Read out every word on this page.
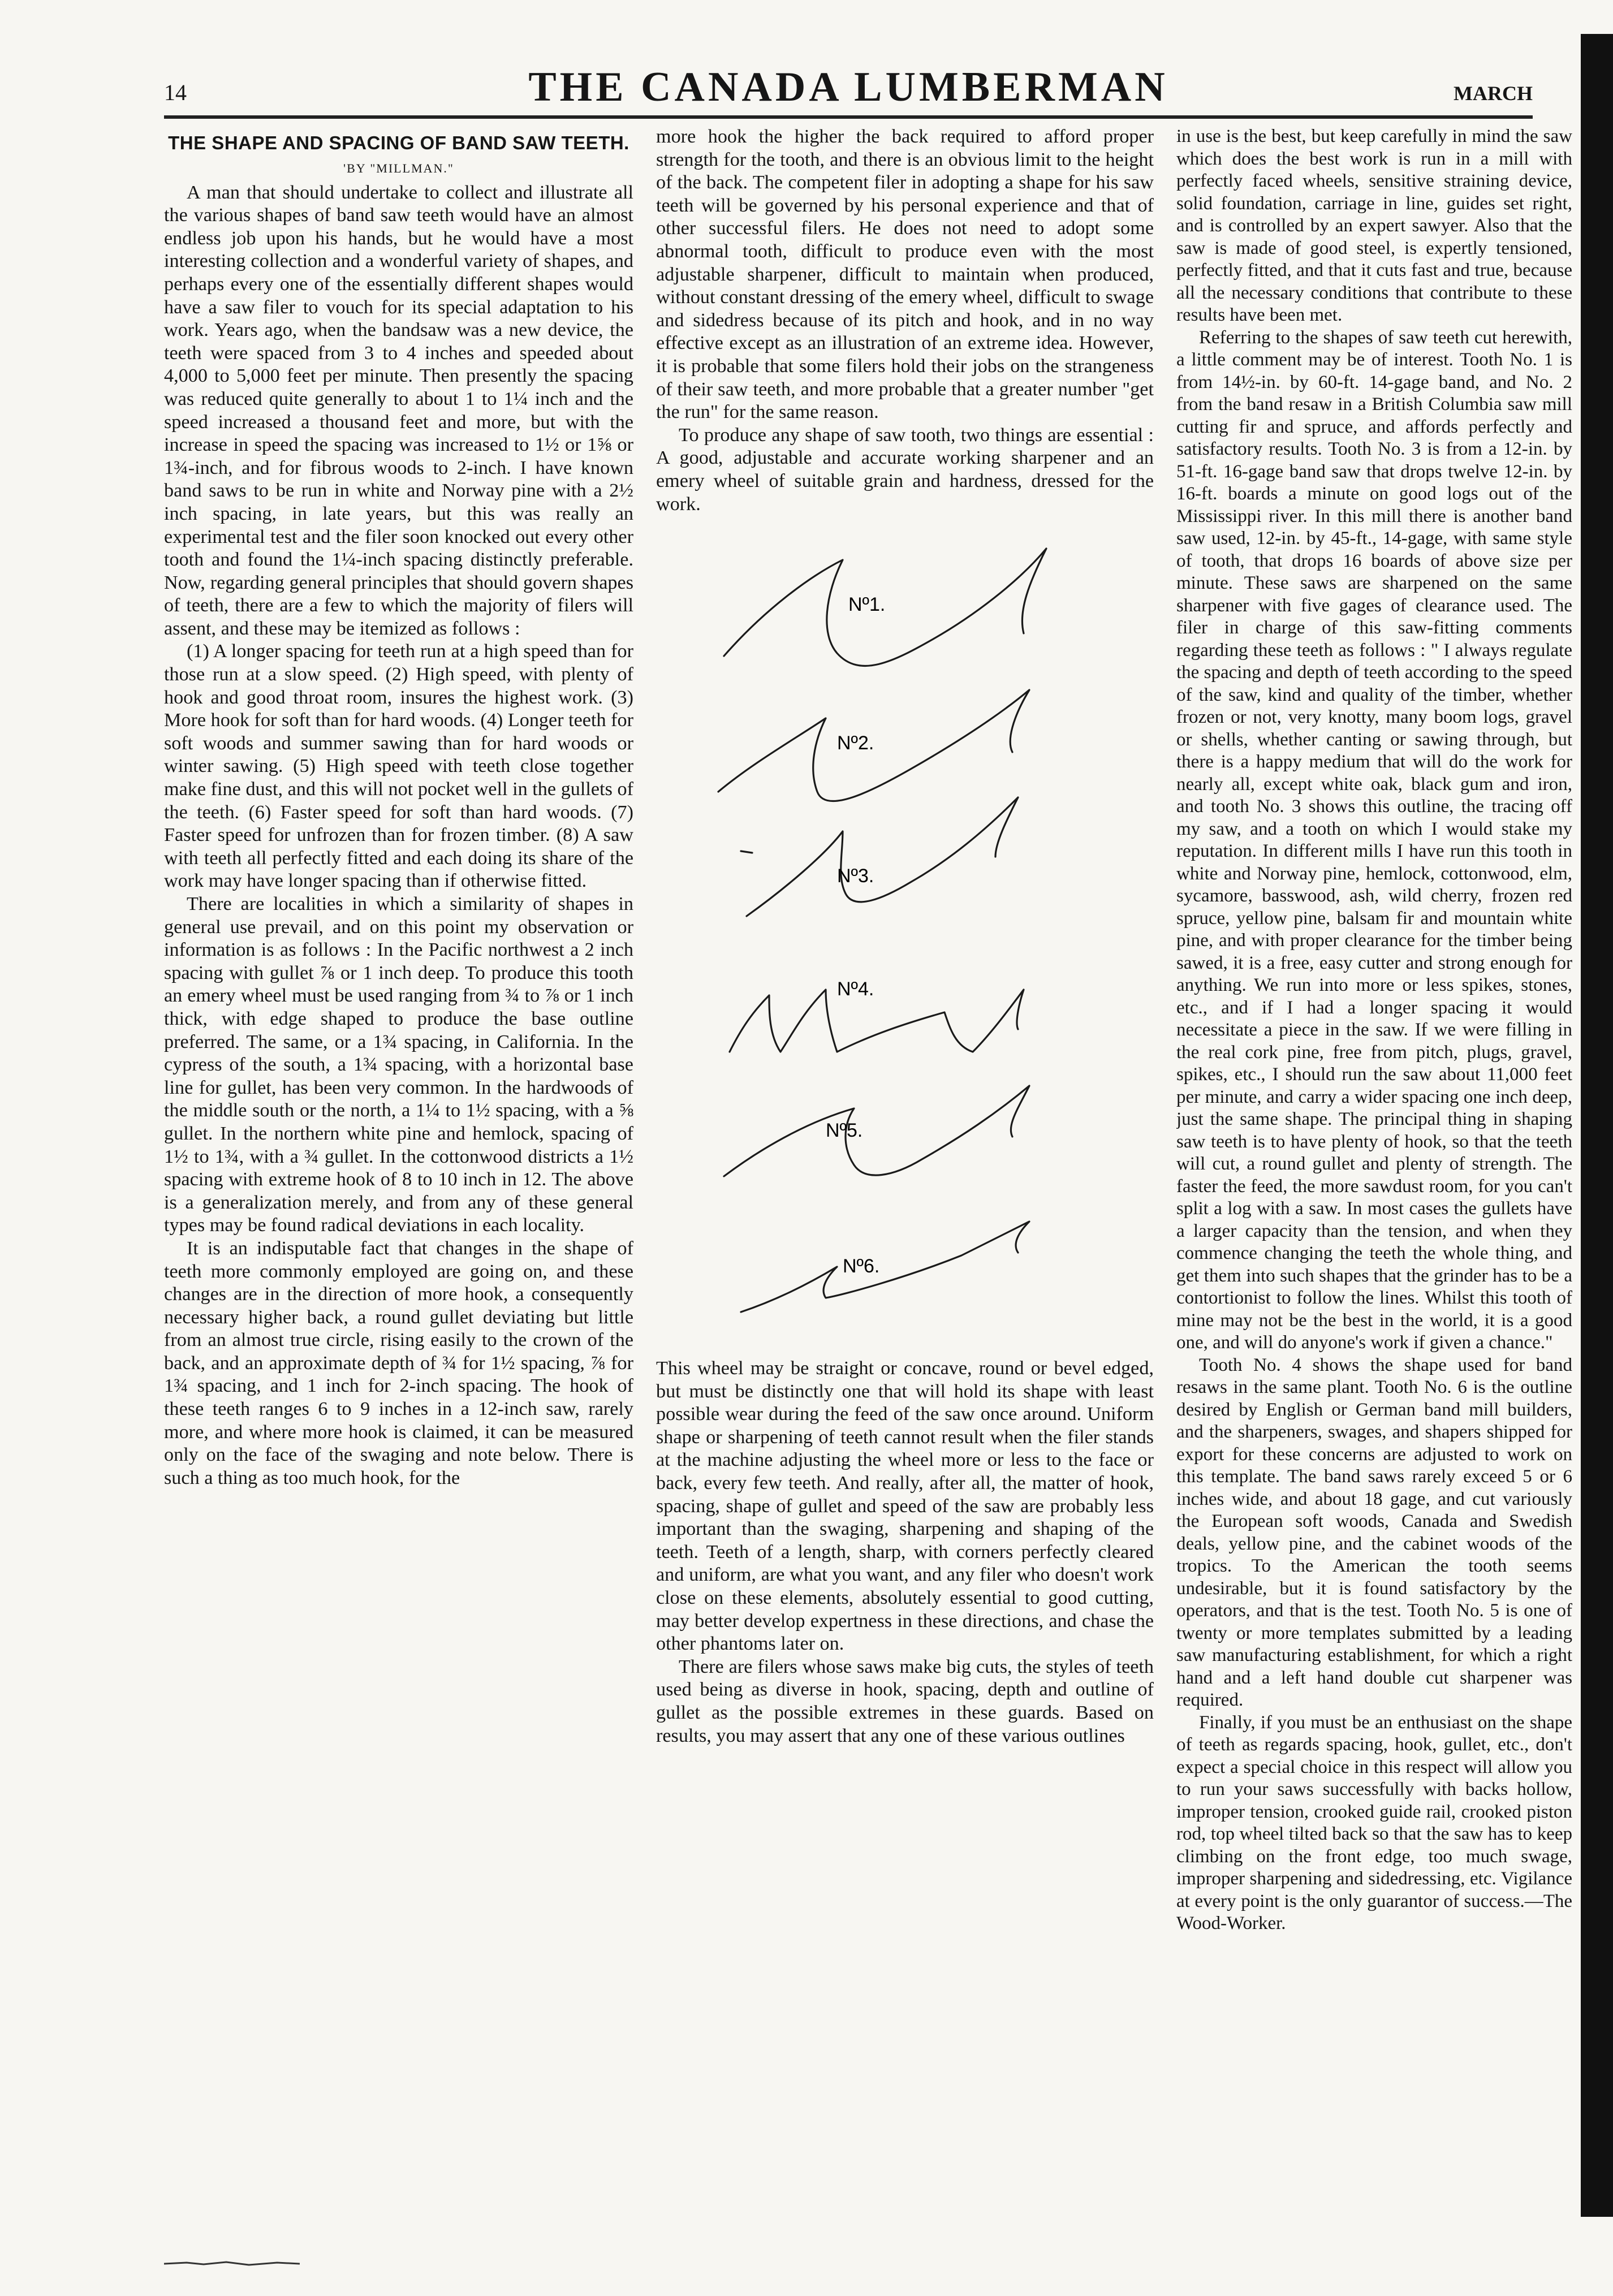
14	THE CANADA LUMBERMAN	MARCH
THE SHAPE AND SPACING OF BAND SAW TEETH.
'BY "MILLMAN."

A man that should undertake to collect and illustrate all the various shapes of band saw teeth would have an almost endless job upon his hands, but he would have a most interesting collection and a wonderful variety of shapes, and perhaps every one of the essentially different shapes would have a saw filer to vouch for its special adaptation to his work. Years ago, when the bandsaw was a new device, the teeth were spaced from 3 to 4 inches and speeded about 4,000 to 5,000 feet per minute. Then presently the spacing was reduced quite generally to about 1 to 1¼ inch and the speed increased a thousand feet and more, but with the increase in speed the spacing was increased to 1½ or 1⅝ or 1¾-inch, and for fibrous woods to 2-inch. I have known band saws to be run in white and Norway pine with a 2½ inch spacing, in late years, but this was really an experimental test and the filer soon knocked out every other tooth and found the 1¼-inch spacing distinctly preferable. Now, regarding general principles that should govern shapes of teeth, there are a few to which the majority of filers will assent, and these may be itemized as follows :

(1) A longer spacing for teeth run at a high speed than for those run at a slow speed. (2) High speed, with plenty of hook and good throat room, insures the highest work. (3) More hook for soft than for hard woods. (4) Longer teeth for soft woods and summer sawing than for hard woods or winter sawing. (5) High speed with teeth close together make fine dust, and this will not pocket well in the gullets of the teeth. (6) Faster speed for soft than hard woods. (7) Faster speed for unfrozen than for frozen timber. (8) A saw with teeth all perfectly fitted and each doing its share of the work may have longer spacing than if otherwise fitted.

There are localities in which a similarity of shapes in general use prevail, and on this point my observation or information is as follows : In the Pacific northwest a 2 inch spacing with gullet ⅞ or 1 inch deep. To produce this tooth an emery wheel must be used ranging from ¾ to ⅞ or 1 inch thick, with edge shaped to produce the base outline preferred. The same, or a 1¾ spacing, in California. In the cypress of the south, a 1¾ spacing, with a horizontal base line for gullet, has been very common. In the hardwoods of the middle south or the north, a 1¼ to 1½ spacing, with a ⅝ gullet. In the northern white pine and hemlock, spacing of 1½ to 1¾, with a ¾ gullet. In the cottonwood districts a 1½ spacing with extreme hook of 8 to 10 inch in 12. The above is a generalization merely, and from any of these general types may be found radical deviations in each locality.

It is an indisputable fact that changes in the shape of teeth more commonly employed are going on, and these changes are in the direction of more hook, a consequently necessary higher back, a round gullet deviating but little from an almost true circle, rising easily to the crown of the back, and an approximate depth of ¾ for 1½ spacing, ⅞ for 1¾ spacing, and 1 inch for 2-inch spacing. The hook of these teeth ranges 6 to 9 inches in a 12-inch saw, rarely more, and where more hook is claimed, it can be measured only on the face of the swaging and note below. There is such a thing as too much hook, for the

more hook the higher the back required to afford proper strength for the tooth, and there is an obvious limit to the height of the back. The competent filer in adopting a shape for his saw teeth will be governed by his personal experience and that of other successful filers. He does not need to adopt some abnormal tooth, difficult to produce even with the most adjustable sharpener, difficult to maintain when produced, without constant dressing of the emery wheel, difficult to swage and sidedress because of its pitch and hook, and in no way effective except as an illustration of an extreme idea. However, it is probable that some filers hold their jobs on the strangeness of their saw teeth, and more probable that a greater number "get the run" for the same reason.

To produce any shape of saw tooth, two things are essential : A good, adjustable and accurate working sharpener and an emery wheel of suitable grain and hardness, dressed for the work.

Nº1.
Nº2.
Nº3.
Nº4.
Nº5.
Nº6.

This wheel may be straight or concave, round or bevel edged, but must be distinctly one that will hold its shape with least possible wear during the feed of the saw once around. Uniform shape or sharpening of teeth cannot result when the filer stands at the machine adjusting the wheel more or less to the face or back, every few teeth. And really, after all, the matter of hook, spacing, shape of gullet and speed of the saw are probably less important than the swaging, sharpening and shaping of the teeth. Teeth of a length, sharp, with corners perfectly cleared and uniform, are what you want, and any filer who doesn't work close on these elements, absolutely essential to good cutting, may better develop expertness in these directions, and chase the other phantoms later on.

There are filers whose saws make big cuts, the styles of teeth used being as diverse in hook, spacing, depth and outline of gullet as the possible extremes in these guards. Based on results, you may assert that any one of these various outlines

in use is the best, but keep carefully in mind the saw which does the best work is run in a mill with perfectly faced wheels, sensitive straining device, solid foundation, carriage in line, guides set right, and is controlled by an expert sawyer. Also that the saw is made of good steel, is expertly tensioned, perfectly fitted, and that it cuts fast and true, because all the necessary conditions that contribute to these results have been met.

Referring to the shapes of saw teeth cut herewith, a little comment may be of interest. Tooth No. 1 is from 14½-in. by 60-ft. 14-gage band, and No. 2 from the band resaw in a British Columbia saw mill cutting fir and spruce, and affords perfectly and satisfactory results. Tooth No. 3 is from a 12-in. by 51-ft. 16-gage band saw that drops twelve 12-in. by 16-ft. boards a minute on good logs out of the Mississippi river. In this mill there is another band saw used, 12-in. by 45-ft., 14-gage, with same style of tooth, that drops 16 boards of above size per minute. These saws are sharpened on the same sharpener with five gages of clearance used. The filer in charge of this saw-fitting comments regarding these teeth as follows : " I always regulate the spacing and depth of teeth according to the speed of the saw, kind and quality of the timber, whether frozen or not, very knotty, many boom logs, gravel or shells, whether canting or sawing through, but there is a happy medium that will do the work for nearly all, except white oak, black gum and iron, and tooth No. 3 shows this outline, the tracing off my saw, and a tooth on which I would stake my reputation. In different mills I have run this tooth in white and Norway pine, hemlock, cottonwood, elm, sycamore, basswood, ash, wild cherry, frozen red spruce, yellow pine, balsam fir and mountain white pine, and with proper clearance for the timber being sawed, it is a free, easy cutter and strong enough for anything. We run into more or less spikes, stones, etc., and if I had a longer spacing it would necessitate a piece in the saw. If we were filling in the real cork pine, free from pitch, plugs, gravel, spikes, etc., I should run the saw about 11,000 feet per minute, and carry a wider spacing one inch deep, just the same shape. The principal thing in shaping saw teeth is to have plenty of hook, so that the teeth will cut, a round gullet and plenty of strength. The faster the feed, the more sawdust room, for you can't split a log with a saw. In most cases the gullets have a larger capacity than the tension, and when they commence changing the teeth the whole thing, and get them into such shapes that the grinder has to be a contortionist to follow the lines. Whilst this tooth of mine may not be the best in the world, it is a good one, and will do anyone's work if given a chance."

Tooth No. 4 shows the shape used for band resaws in the same plant. Tooth No. 6 is the outline desired by English or German band mill builders, and the sharpeners, swages, and shapers shipped for export for these concerns are adjusted to work on this template. The band saws rarely exceed 5 or 6 inches wide, and about 18 gage, and cut variously the European soft woods, Canada and Swedish deals, yellow pine, and the cabinet woods of the tropics. To the American the tooth seems undesirable, but it is found satisfactory by the operators, and that is the test. Tooth No. 5 is one of twenty or more templates submitted by a leading saw manufacturing establishment, for which a right hand and a left hand double cut sharpener was required.

Finally, if you must be an enthusiast on the shape of teeth as regards spacing, hook, gullet, etc., don't expect a special choice in this respect will allow you to run your saws successfully with backs hollow, improper tension, crooked guide rail, crooked piston rod, top wheel tilted back so that the saw has to keep climbing on the front edge, too much swage, improper sharpening and sidedressing, etc. Vigilance at every point is the only guarantor of success.—The Wood-Worker.
